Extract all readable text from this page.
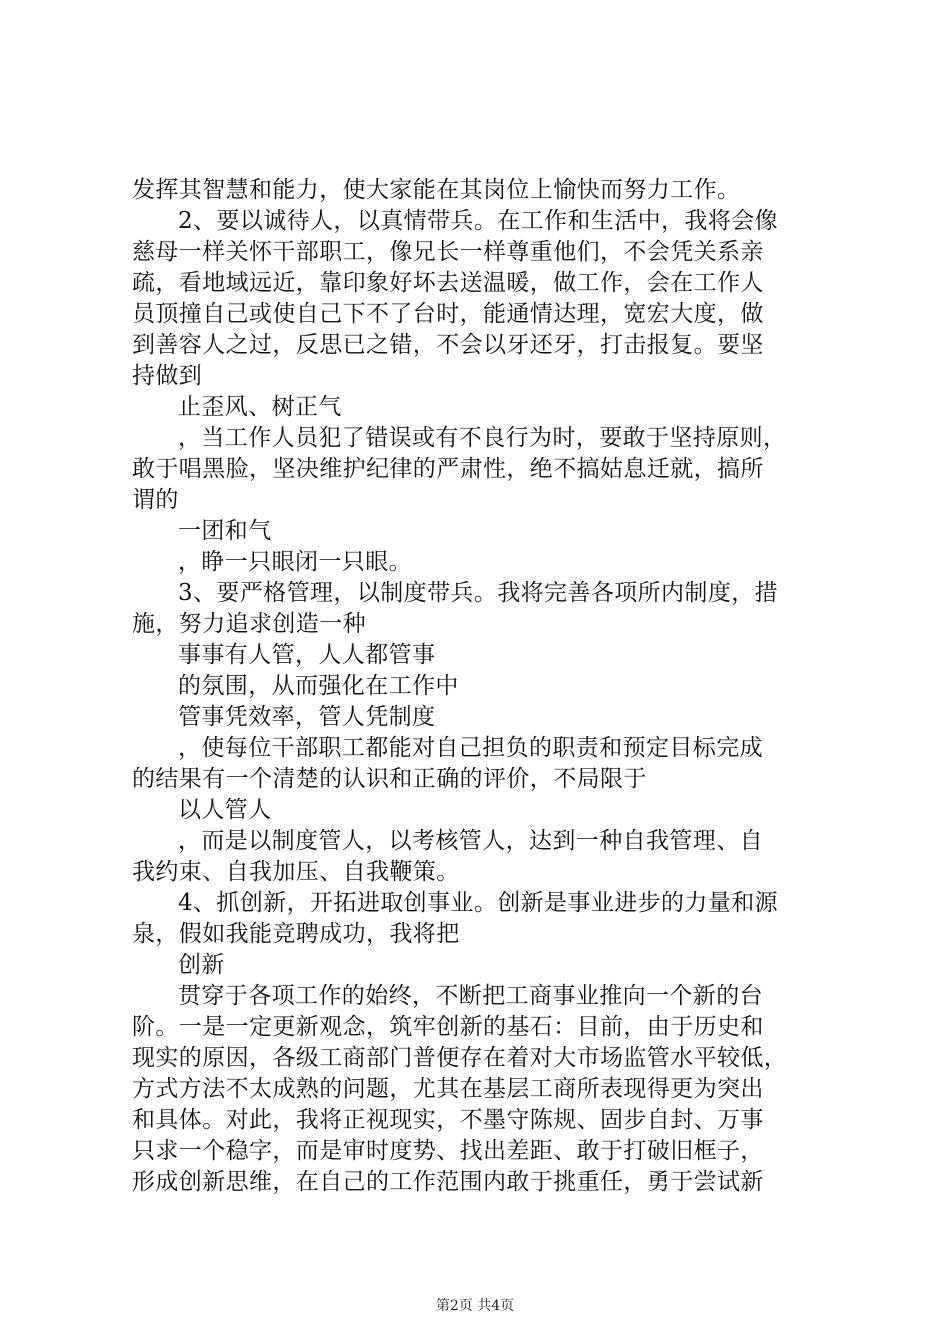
发挥其智慧和能力，使大家能在其岗位上愉快而努力工作。
2、要以诚待人，以真情带兵。在工作和生活中，我将会像
慈母一样关怀干部职工，像兄长一样尊重他们，不会凭关系亲
疏，看地域远近，靠印象好坏去送温暖，做工作，会在工作人
员顶撞自己或使自己下不了台时，能通情达理，宽宏大度，做
到善容人之过，反思已之错，不会以牙还牙，打击报复。要坚
持做到
止歪风、树正气
，当工作人员犯了错误或有不良行为时，要敢于坚持原则，
敢于唱黑脸，坚决维护纪律的严肃性，绝不搞姑息迁就，搞所
谓的
一团和气
，睁一只眼闭一只眼。
3、要严格管理，以制度带兵。我将完善各项所内制度，措
施，努力追求创造一种
事事有人管，人人都管事
的氛围，从而强化在工作中
管事凭效率，管人凭制度
，使每位干部职工都能对自己担负的职责和预定目标完成
的结果有一个清楚的认识和正确的评价，不局限于
以人管人
，而是以制度管人，以考核管人，达到一种自我管理、自
我约束、自我加压、自我鞭策。
4、抓创新，开拓进取创事业。创新是事业进步的力量和源
泉，假如我能竞聘成功，我将把
创新
贯穿于各项工作的始终，不断把工商事业推向一个新的台
阶。一是一定更新观念，筑牢创新的基石：目前，由于历史和
现实的原因，各级工商部门普便存在着对大市场监管水平较低，
方式方法不太成熟的问题，尤其在基层工商所表现得更为突出
和具体。对此，我将正视现实，不墨守陈规、固步自封、万事
只求一个稳字，而是审时度势、找出差距、敢于打破旧框子，
形成创新思维，在自己的工作范围内敢于挑重任，勇于尝试新
第2页 共4页
